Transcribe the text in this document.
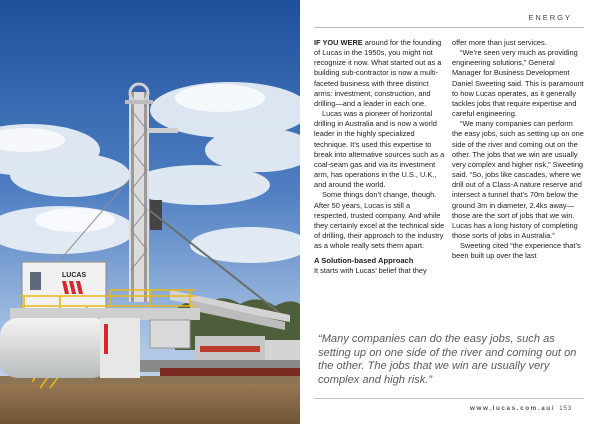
LUCAS
ENERGY

IF YOU WERE around for the founding of Lucas in the 1950s, you might not recognize it now. What started out as a building sub-contractor is now a multi-faceted business with three distinct arms: investment, construction, and drilling—and a leader in each one.

Lucas was a pioneer of horizontal drilling in Australia and is now a world leader in the highly specialized technique. It’s used this expertise to break into alternative sources such as a coal-seam gas and via its investment arm, has operations in the U.S., U.K., and around the world.

Some things don’t change, though. After 50 years, Lucas is still a respected, trusted company. And while they certainly excel at the technical side of drilling, their approach to the industry as a whole really sets them apart.

A Solution-based Approach

It starts with Lucas’ belief that they

offer more than just services.

“We’re seen very much as providing engineering solutions,” General Manager for Business Development Daniel Sweeting said. This is paramount to how Lucas operates, as it generally tackles jobs that require expertise and careful engineering.

“We many companies can perform the easy jobs, such as setting up on one side of the river and coming out on the other. The jobs that we win are usually very complex and higher risk,” Sweeting said. “So, jobs like cascades, where we drill out of a Class-A nature reserve and intersect a tunnel that’s 70m below the ground 3m in diameter, 2.4ks away—those are the sort of jobs that we win.

Lucas has a long history of completing those sorts of jobs in Australia.”

Sweeting cited “the experience that’s been built up over the last

“Many companies can do the easy jobs, such as setting up on one side of the river and coming out on the other. The jobs that we win are usually very complex and high risk.”
www.lucas.com.au/ 153
